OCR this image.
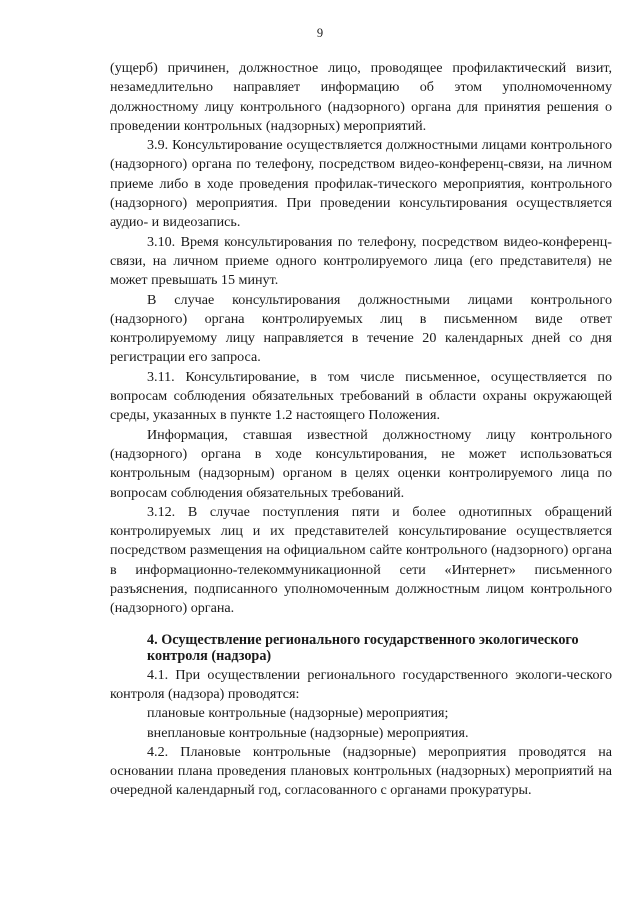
9

(ущерб) причинен, должностное лицо, проводящее профилактический визит, незамедлительно направляет информацию об этом уполномоченному должностному лицу контрольного (надзорного) органа для принятия решения о проведении контрольных (надзорных) мероприятий.

3.9. Консультирование осуществляется должностными лицами контрольного (надзорного) органа по телефону, посредством видео-конференц-связи, на личном приеме либо в ходе проведения профилак-тического мероприятия, контрольного (надзорного) мероприятия. При проведении консультирования осуществляется аудио- и видеозапись.

3.10. Время консультирования по телефону, посредством видео-конференц-связи, на личном приеме одного контролируемого лица (его представителя) не может превышать 15 минут.

В случае консультирования должностными лицами контрольного (надзорного) органа контролируемых лиц в письменном виде ответ контролируемому лицу направляется в течение 20 календарных дней со дня регистрации его запроса.

3.11. Консультирование, в том числе письменное, осуществляется по вопросам соблюдения обязательных требований в области охраны окружающей среды, указанных в пункте 1.2 настоящего Положения.

Информация, ставшая известной должностному лицу контрольного (надзорного) органа в ходе консультирования, не может использоваться контрольным (надзорным) органом в целях оценки контролируемого лица по вопросам соблюдения обязательных требований.

3.12. В случае поступления пяти и более однотипных обращений контролируемых лиц и их представителей консультирование осуществляется посредством размещения на официальном сайте контрольного (надзорного) органа в информационно-телекоммуникационной сети «Интернет» письменного разъяснения, подписанного уполномоченным должностным лицом контрольного (надзорного) органа.

4. Осуществление регионального государственного экологического контроля (надзора)

4.1. При осуществлении регионального государственного экологи-ческого контроля (надзора) проводятся:

плановые контрольные (надзорные) мероприятия;

внеплановые контрольные (надзорные) мероприятия.

4.2. Плановые контрольные (надзорные) мероприятия проводятся на основании плана проведения плановых контрольных (надзорных) мероприятий на очередной календарный год, согласованного с органами прокуратуры.
